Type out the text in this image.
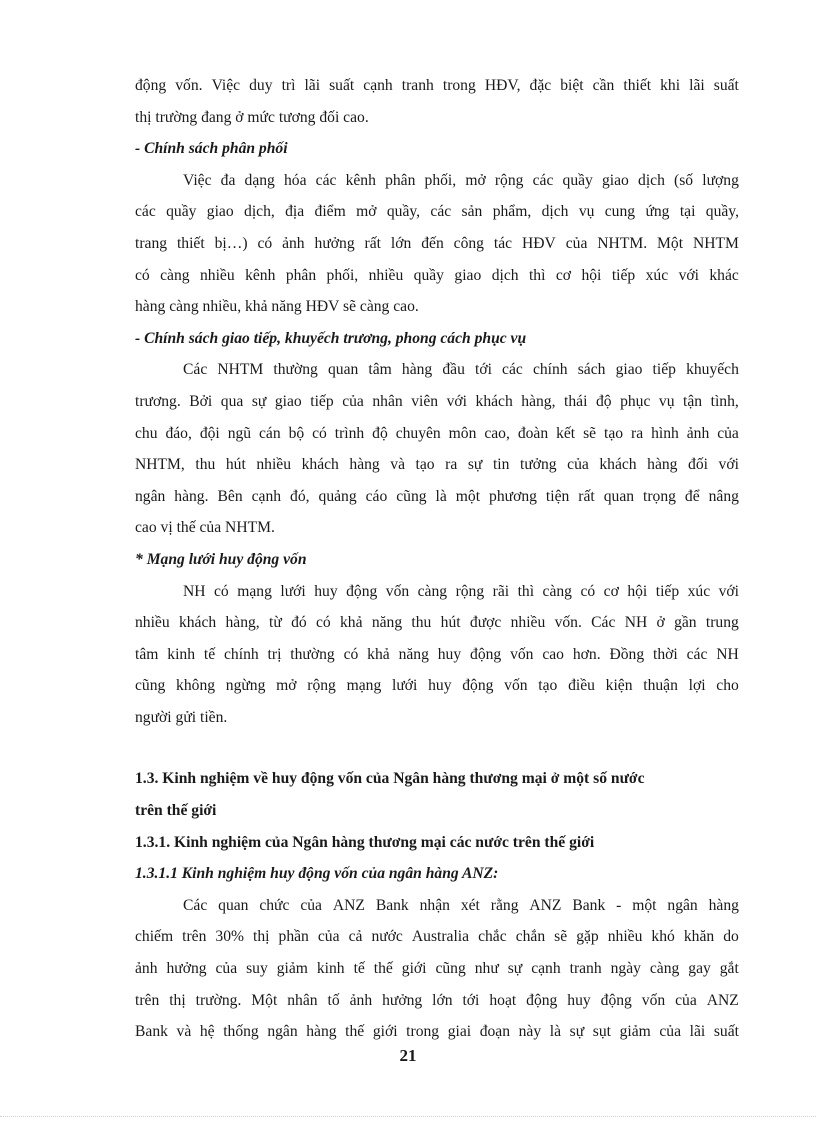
động vốn. Việc duy trì lãi suất cạnh tranh trong HĐV, đặc biệt cần thiết khi lãi suất
thị trường đang ở mức tương đối cao.
- Chính sách phân phối
Việc đa dạng hóa các kênh phân phối, mở rộng các quầy giao dịch (số lượng
các quầy giao dịch, địa điểm mở quầy, các sản phẩm, dịch vụ cung ứng tại quầy,
trang thiết bị…) có ảnh hưởng rất lớn đến công tác HĐV của NHTM. Một NHTM
có càng nhiều kênh phân phối, nhiều quầy giao dịch thì cơ hội tiếp xúc với khác
hàng càng nhiều, khả năng HĐV sẽ càng cao.
- Chính sách giao tiếp, khuyếch trương, phong cách phục vụ
Các NHTM thường quan tâm hàng đầu tới các chính sách giao tiếp khuyếch
trương. Bởi qua sự giao tiếp của nhân viên với khách hàng, thái độ phục vụ tận tình,
chu đáo, đội ngũ cán bộ có trình độ chuyên môn cao, đoàn kết sẽ tạo ra hình ảnh của
NHTM, thu hút nhiều khách hàng và tạo ra sự tin tưởng của khách hàng đối với
ngân hàng. Bên cạnh đó, quảng cáo cũng là một phương tiện rất quan trọng để nâng
cao vị thế của NHTM.
* Mạng lưới huy động vốn
NH có mạng lưới huy động vốn càng rộng rãi thì càng có cơ hội tiếp xúc với
nhiều khách hàng, từ đó có khả năng thu hút được nhiều vốn. Các NH ở gần trung
tâm kinh tế chính trị thường có khả năng huy động vốn cao hơn. Đồng thời các NH
cũng không ngừng mở rộng mạng lưới huy động vốn tạo điều kiện thuận lợi cho
người gửi tiền.
1.3. Kinh nghiệm về huy động vốn của Ngân hàng thương mại ở một số nước
trên thế giới
1.3.1. Kinh nghiệm của Ngân hàng thương mại các nước trên thế giới
1.3.1.1 Kinh nghiệm huy động vốn của ngân hàng ANZ:
Các quan chức của ANZ Bank nhận xét rằng ANZ Bank - một ngân hàng
chiếm trên 30% thị phần của cả nước Australia chắc chắn sẽ gặp nhiều khó khăn do
ảnh hưởng của suy giảm kinh tế thế giới cũng như sự cạnh tranh ngày càng gay gắt
trên thị trường. Một nhân tố ảnh hưởng lớn tới hoạt động huy động vốn của ANZ
Bank và hệ thống ngân hàng thế giới trong giai đoạn này là sự sụt giảm của lãi suất
21
